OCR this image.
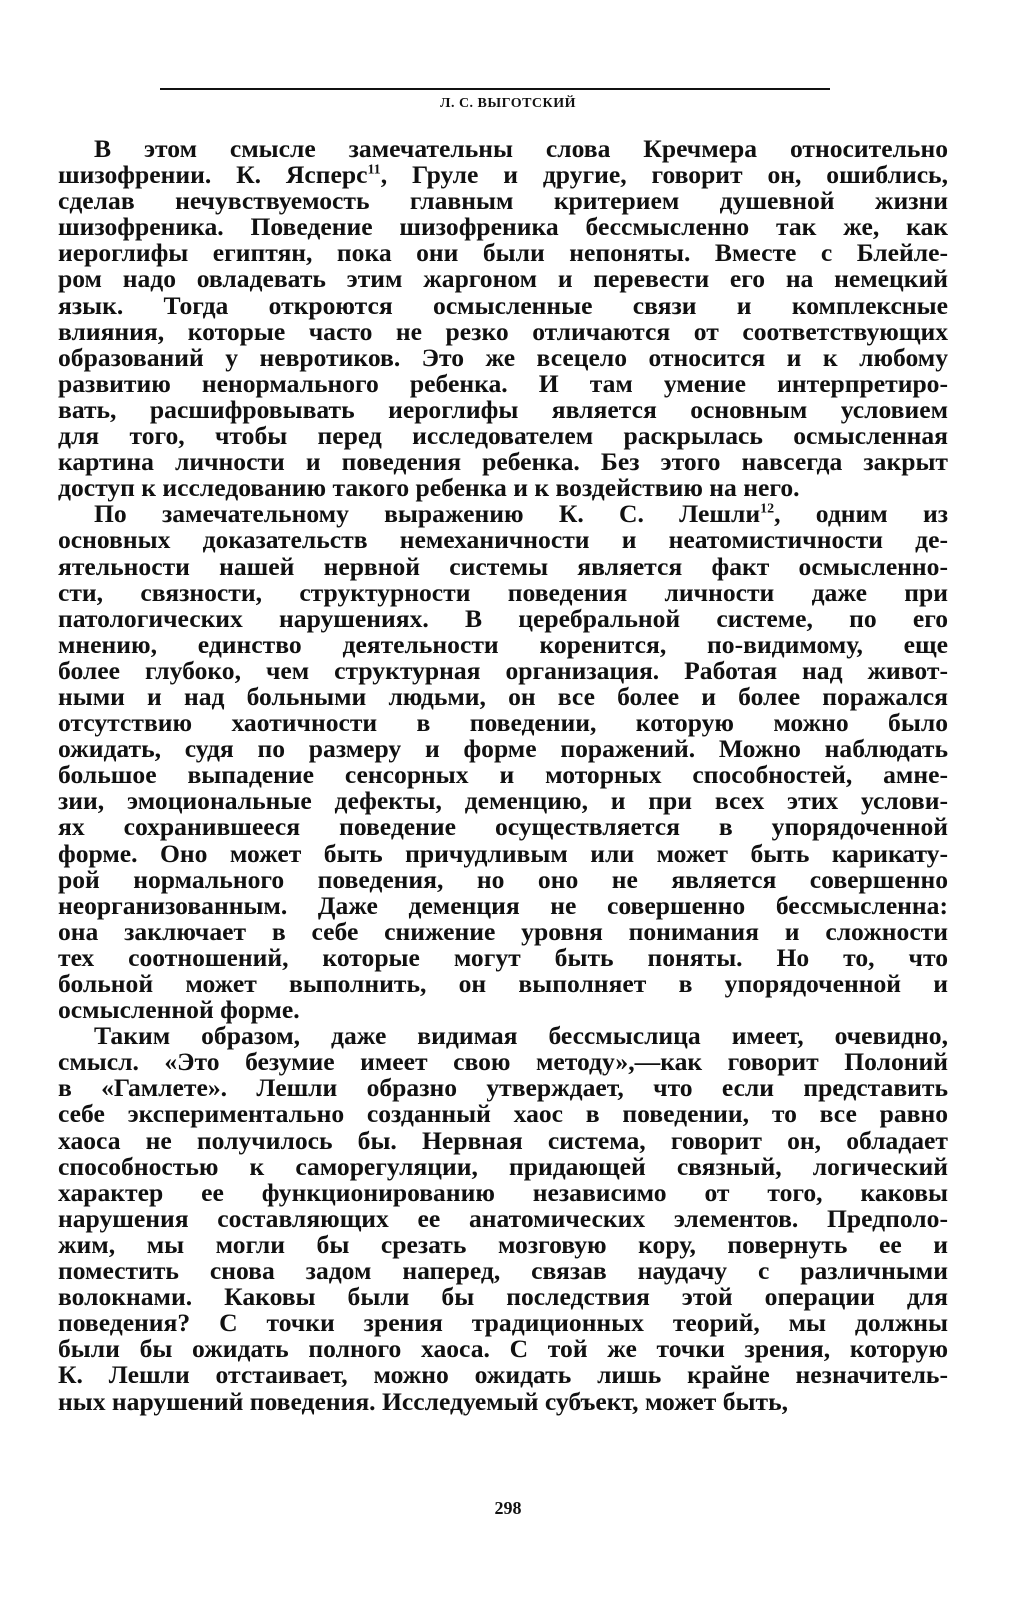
Л. С. ВЫГОТСКИЙ
В этом смысле замечательны слова Кречмера относительно
шизофрении. К. Ясперс$^{11}$, Груле и другие, говорит он, ошиблись,
сделав нечувствуемость главным критерием душевной жизни
шизофреника. Поведение шизофреника бессмысленно так же, как
иероглифы египтян, пока они были непоняты. Вместе с Блейле-
ром надо овладевать этим жаргоном и перевести его на немецкий
язык. Тогда откроются осмысленные связи и комплексные
влияния, которые часто не резко отличаются от соответствующих
образований у невротиков. Это же всецело относится и к любому
развитию ненормального ребенка. И там умение интерпретиро-
вать, расшифровывать иероглифы является основным условием
для того, чтобы перед исследователем раскрылась осмысленная
картина личности и поведения ребенка. Без этого навсегда закрыт
доступ к исследованию такого ребенка и к воздействию на него.
По замечательному выражению К. С. Лешли$^{12}$, одним из
основных доказательств немеханичности и неатомистичности де-
ятельности нашей нервной системы является факт осмысленно-
сти, связности, структурности поведения личности даже при
патологических нарушениях. В церебральной системе, по его
мнению, единство деятельности коренится, по-видимому, еще
более глубоко, чем структурная организация. Работая над живот-
ными и над больными людьми, он все более и более поражался
отсутствию хаотичности в поведении, которую можно было
ожидать, судя по размеру и форме поражений. Можно наблюдать
большое выпадение сенсорных и моторных способностей, амне-
зии, эмоциональные дефекты, деменцию, и при всех этих услови-
ях сохранившееся поведение осуществляется в упорядоченной
форме. Оно может быть причудливым или может быть карикату-
рой нормального поведения, но оно не является совершенно
неорганизованным. Даже деменция не совершенно бессмысленна:
она заключает в себе снижение уровня понимания и сложности
тех соотношений, которые могут быть поняты. Но то, что
больной может выполнить, он выполняет в упорядоченной и
осмысленной форме.
Таким образом, даже видимая бессмыслица имеет, очевидно,
смысл. «Это безумие имеет свою методу»,—как говорит Полоний
в «Гамлете». Лешли образно утверждает, что если представить
себе экспериментально созданный хаос в поведении, то все равно
хаоса не получилось бы. Нервная система, говорит он, обладает
способностью к саморегуляции, придающей связный, логический
характер ее функционированию независимо от того, каковы
нарушения составляющих ее анатомических элементов. Предполо-
жим, мы могли бы срезать мозговую кору, повернуть ее и
поместить снова задом наперед, связав наудачу с различными
волокнами. Каковы были бы последствия этой операции для
поведения? С точки зрения традиционных теорий, мы должны
были бы ожидать полного хаоса. С той же точки зрения, которую
К. Лешли отстаивает, можно ожидать лишь крайне незначитель-
ных нарушений поведения. Исследуемый субъект, может быть,
298
